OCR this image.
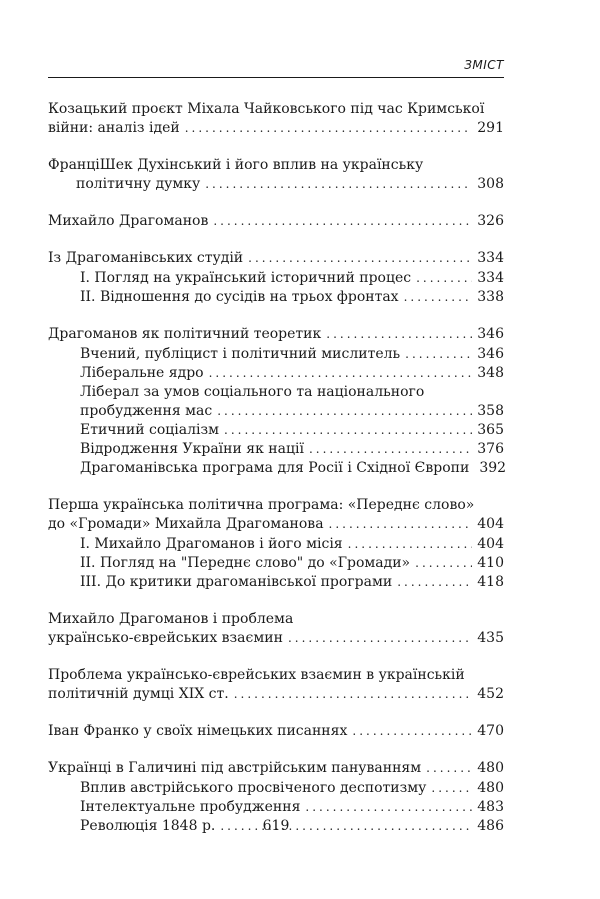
ЗМІСТ
Козацький проєкт Міхала Чайковського під час Кримської
війни: аналіз ідей .....	291
ФранціШек Духінський і його вплив на українську
політичну думку .....	308
Михайло Драгоманов .....	326
Із Драгоманівських студій .....	334
І. Погляд на український історичний процес .....	334
ІІ. Відношення до сусідів на трьох фронтах .....	338
Драгоманов як політичний теоретик .....	346
Вчений, публіцист і політичний мислитель .....	346
Ліберальне ядро .....	348
Ліберал за умов соціального та національного
пробудження мас .....	358
Етичний соціалізм .....	365
Відродження України як нації .....	376
Драгоманівська програма для Росії і Східної Європи 392
Перша українська політична програма: «Переднє слово»
до «Громади» Михайла Драгоманова .....	404
І. Михайло Драгоманов і його місія .....	404
ІІ. Погляд на "Переднє слово" до «Громади» .....	410
ІІІ. До критики драгоманівської програми .....	418
Михайло Драгоманов і проблема
українсько-єврейських взаємин .....	435
Проблема українсько-єврейських взаємин в українській
політичній думці ХІХ ст. .....	452
Іван Франко у своїх німецьких писаннях .....	470
Українці в Галичині під австрійським пануванням .....	480
Вплив австрійського просвіченого деспотизму .....	480
Інтелектуальне пробудження .....	483
Революція 1848 р. .....	486
619
